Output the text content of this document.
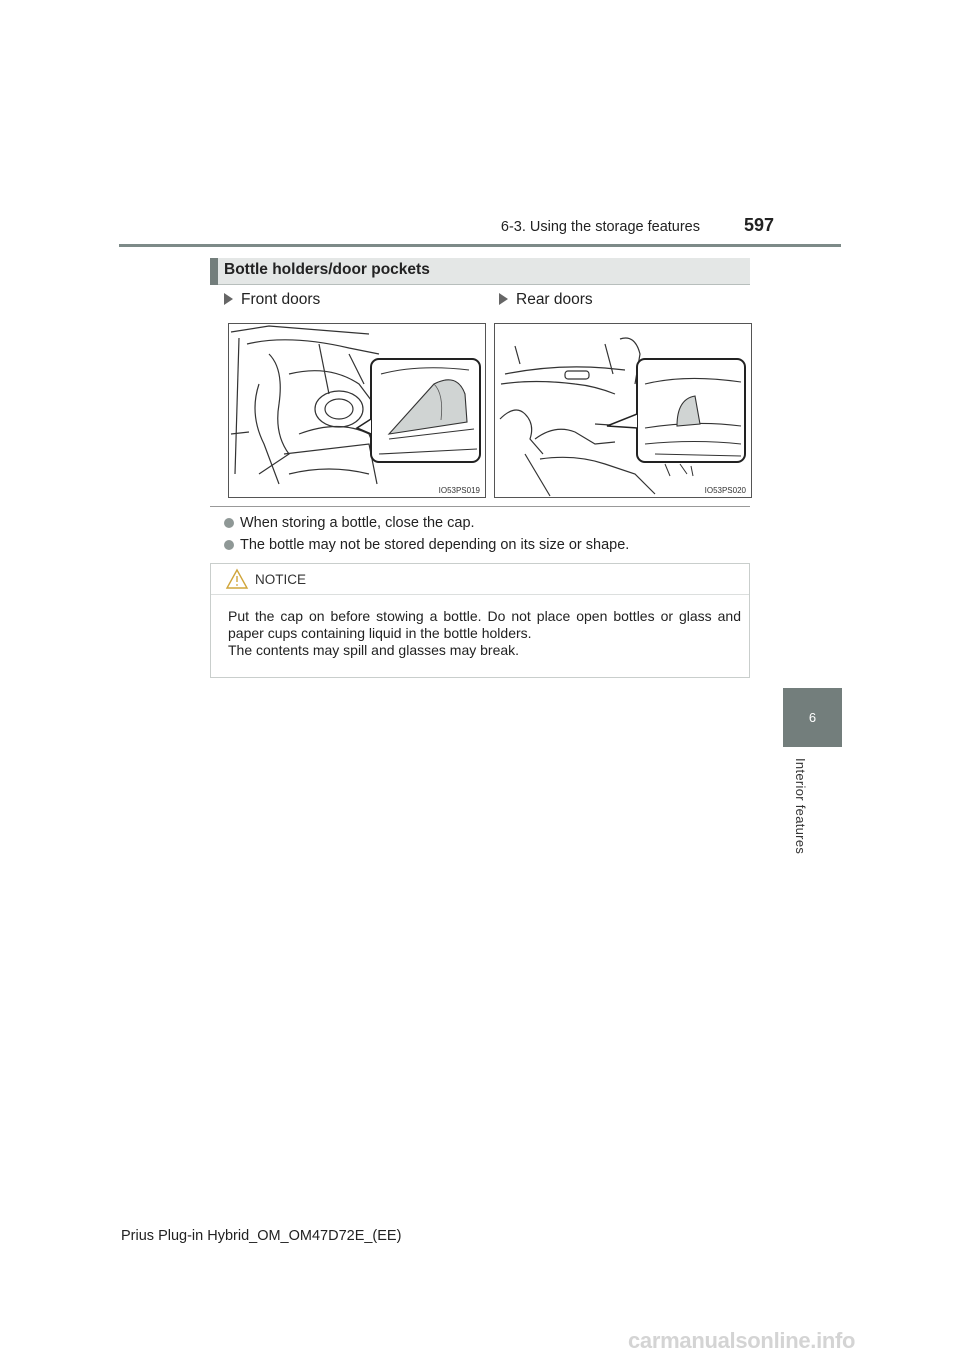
6-3. Using the storage features	597
6
Interior features
Bottle holders/door pockets
Front doors	Rear doors
IO53PS019	IO53PS020
When storing a bottle, close the cap.
The bottle may not be stored depending on its size or shape.
NOTICE
Put the cap on before stowing a bottle. Do not place open bottles or glass and paper cups containing liquid in the bottle holders.
The contents may spill and glasses may break.
Prius Plug-in Hybrid_OM_OM47D72E_(EE)
carmanualsonline.info
